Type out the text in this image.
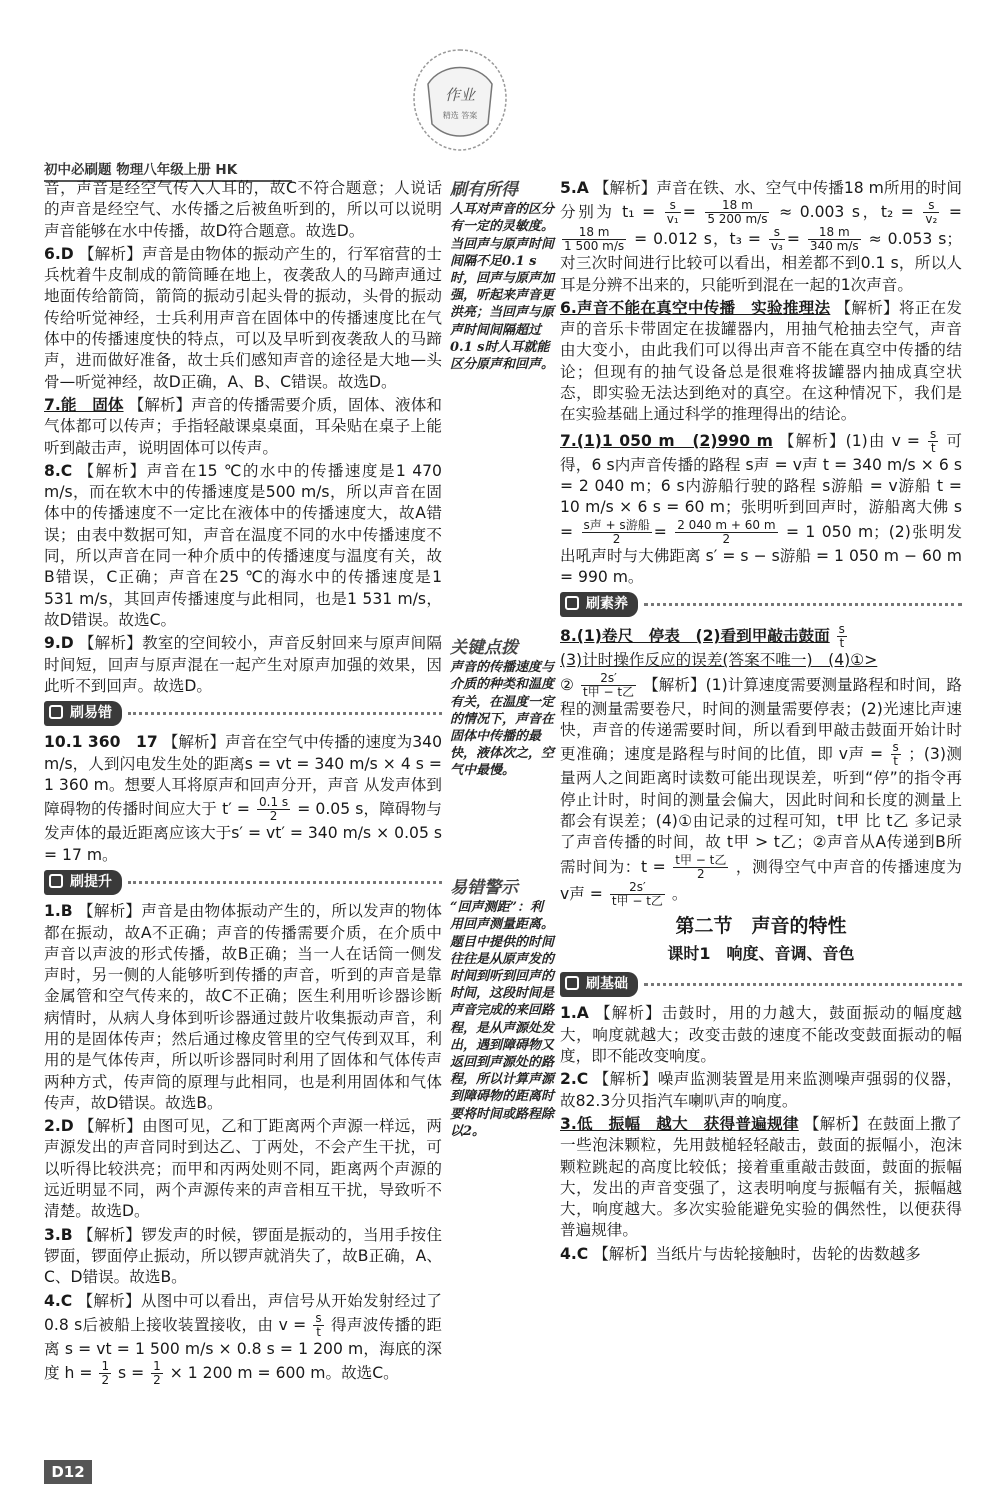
作业
精选 答案
初中必刷题 物理八年级上册 HK

音，声音是经空气传入人耳的，故C不符合题意；人说话的声音是经空气、水传播之后被鱼听到的，所以可以说明声音能够在水中传播，故D符合题意。故选D。

6.D 【解析】声音是由物体的振动产生的，行军宿营的士兵枕着牛皮制成的箭筒睡在地上，夜袭敌人的马蹄声通过地面传给箭筒，箭筒的振动引起头骨的振动，头骨的振动传给听觉神经，士兵利用声音在固体中的传播速度比在气体中的传播速度快的特点，可以及早听到夜袭敌人的马蹄声，进而做好准备，故士兵们感知声音的途径是大地—头骨—听觉神经，故D正确，A、B、C错误。故选D。

7.能　固体 【解析】声音的传播需要介质，固体、液体和气体都可以传声；手指轻敲课桌桌面，耳朵贴在桌子上能听到敲击声，说明固体可以传声。

8.C 【解析】声音在15 ℃的水中的传播速度是1 470 m/s，而在软木中的传播速度是500 m/s，所以声音在固体中的传播速度不一定比在液体中的传播速度大，故A错误；由表中数据可知，声音在温度不同的水中传播速度不同，所以声音在同一种介质中的传播速度与温度有关，故B错误，C正确；声音在25 ℃的海水中的传播速度是1 531 m/s，其回声传播速度与此相同，也是1 531 m/s，故D错误。故选C。

9.D 【解析】教室的空间较小，声音反射回来与原声间隔时间短，回声与原声混在一起产生对原声加强的效果，因此听不到回声。故选D。

刷易错

10.1 360　17 【解析】声音在空气中传播的速度为340 m/s，人到闪电发生处的距离s = vt = 340 m/s × 4 s = 1 360 m。想要人耳将原声和回声分开，声音 从发声体到障碍物的传播时间应大于 $t' = \frac{0.1 s}{2} = 0.05$ s，障碍物与发声体的最近距离应该大于s′ = vt′ = 340 m/s × 0.05 s = 17 m。

刷提升

1.B 【解析】声音是由物体振动产生的，所以发声的物体都在振动，故A不正确；声音的传播需要介质，在介质中声音以声波的形式传播，故B正确；当一人在话筒一侧发声时，另一侧的人能够听到传播的声音，听到的声音是靠金属管和空气传来的，故C不正确；医生利用听诊器诊断病情时，从病人身体到听诊器通过鼓片收集振动声音，利用的是固体传声；然后通过橡皮管里的空气传到双耳，利用的是气体传声，所以听诊器同时利用了固体和气体传声两种方式，传声筒的原理与此相同，也是利用固体和气体传声，故D错误。故选B。

2.D 【解析】由图可见，乙和丁距离两个声源一样远，两声源发出的声音同时到达乙、丁两处，不会产生干扰，可以听得比较洪亮；而甲和丙两处则不同，距离两个声源的远近明显不同，两个声源传来的声音相互干扰，导致听不清楚。故选D。

3.B 【解析】锣发声的时候，锣面是振动的，当用手按住锣面，锣面停止振动，所以锣声就消失了，故B正确，A、C、D错误。故选B。

4.C 【解析】从图中可以看出，声信号从开始发射经过了0.8 s后被船上接收装置接收，由 $v = \frac{s}{t}$ 得声波传播的距离 s = vt = 1 500 m/s × 0.8 s = 1 200 m，海底的深度 $h = \frac{1}{2}$ $s = \frac{1}{2} \times 1$ 200 m = 600 m。故选C。

刷有所得
人耳对声音的区分有一定的灵敏度。当回声与原声时间间隔不足0.1 s时，回声与原声加强，听起来声音更洪亮；当回声与原声时间间隔超过0.1 s时人耳就能区分原声和回声。
关键点拨
声音的传播速度与介质的种类和温度有关，在温度一定的情况下，声音在固体中传播的最快，液体次之，空气中最慢。
易错警示
“回声测距”：利用回声测量距离。题目中提供的时间往往是从原声发的时间到听到回声的时间，这段时间是声音完成的来回路程，是从声源处发出，遇到障碍物又返回到声源处的路程，所以计算声源到障碍物的距离时要将时间或路程除以2。

5.A 【解析】声音在铁、水、空气中传播18 m所用的时间分别为 $t_1 = \frac{s}{\text{v₁}} = \frac{18 m}{5 200 m/s} \approx 0.003$ s，$t_2 = \frac{s}{\text{v₂}}$ =
$\frac{18 m}{1 500 m/s} = 0.012$ s，$t_3 = \frac{s}{\text{v₃}} = \frac{18 m}{340 m/s} \approx 0.053$ s；对三次时间进行比较可以看出，相差都不到0.1 s，所以人耳是分辨不出来的，只能听到混在一起的1次声音。

6.声音不能在真空中传播　实验推理法 【解析】将正在发声的音乐卡带固定在拔罐器内，用抽气枪抽去空气，声音由大变小，由此我们可以得出声音不能在真空中传播的结论；但现有的抽气设备总是很难将拔罐器内抽成真空状态，即实验无法达到绝对的真空。在这种情况下，我们是在实验基础上通过科学的推理得出的结论。

7.(1)1 050 m　(2)990 m 【解析】(1)由 $v = \frac{s}{t}$ 可得，6 s内声音传播的路程 s声 = v声 t = 340 m/s × 6 s = 2 040 m；6 s内游船行驶的路程 s游船 = v游船 t = 10 m/s × 6 s = 60 m；张明听到回声时，游船离大佛 $s = \frac{\text{s声 + s游船}}{2} = \frac{2 040 m + 60 m}{2} = 1$ 050 m；(2)张明发出吼声时与大佛距离 s′ = s − s游船 = 1 050 m − 60 m = 990 m。

刷素养

8.(1)卷尺　停表　(2)看到甲敲击鼓面 $\frac{s}{t}$

(3)计时操作反应的误差(答案不唯一)　(4)①>
② $\frac{2s'}{\text{t甲 − t乙}}$ 【解析】(1)计算速度需要测量路程和时间，路程的测量需要卷尺，时间的测量需要停表；(2)光速比声速快，声音的传递需要时间，所以看到甲敲击鼓面开始计时更准确；速度是路程与时间的比值，即 v声 = $\frac{s}{t}$ ；(3)测量两人之间距离时读数可能出现误差，听到“停”的指令再停止计时，时间的测量会偏大，因此时间和长度的测量上都会有误差；(4)①由记录的过程可知，t甲 比 t乙 多记录了声音传播的时间，故 t甲 > t乙；②声音从A传递到B所需时间为：$t = \frac{\text{t甲 − t乙}}{2}$ ，测得空气中声音的传播速度为 v声 = $\frac{2s'}{\text{t甲 − t乙}}$ 。

第二节　声音的特性
课时1　响度、音调、音色
刷基础

1.A 【解析】击鼓时，用的力越大，鼓面振动的幅度越大，响度就越大；改变击鼓的速度不能改变鼓面振动的幅度，即不能改变响度。

2.C 【解析】噪声监测装置是用来监测噪声强弱的仪器，故82.3分贝指汽车喇叭声的响度。

3.低　振幅　越大　获得普遍规律 【解析】在鼓面上撒了一些泡沫颗粒，先用鼓槌轻轻敲击，鼓面的振幅小，泡沫颗粒跳起的高度比较低；接着重重敲击鼓面，鼓面的振幅大，发出的声音变强了，这表明响度与振幅有关，振幅越大，响度越大。多次实验能避免实验的偶然性，以便获得普遍规律。

4.C 【解析】当纸片与齿轮接触时，齿轮的齿数越多

D12
